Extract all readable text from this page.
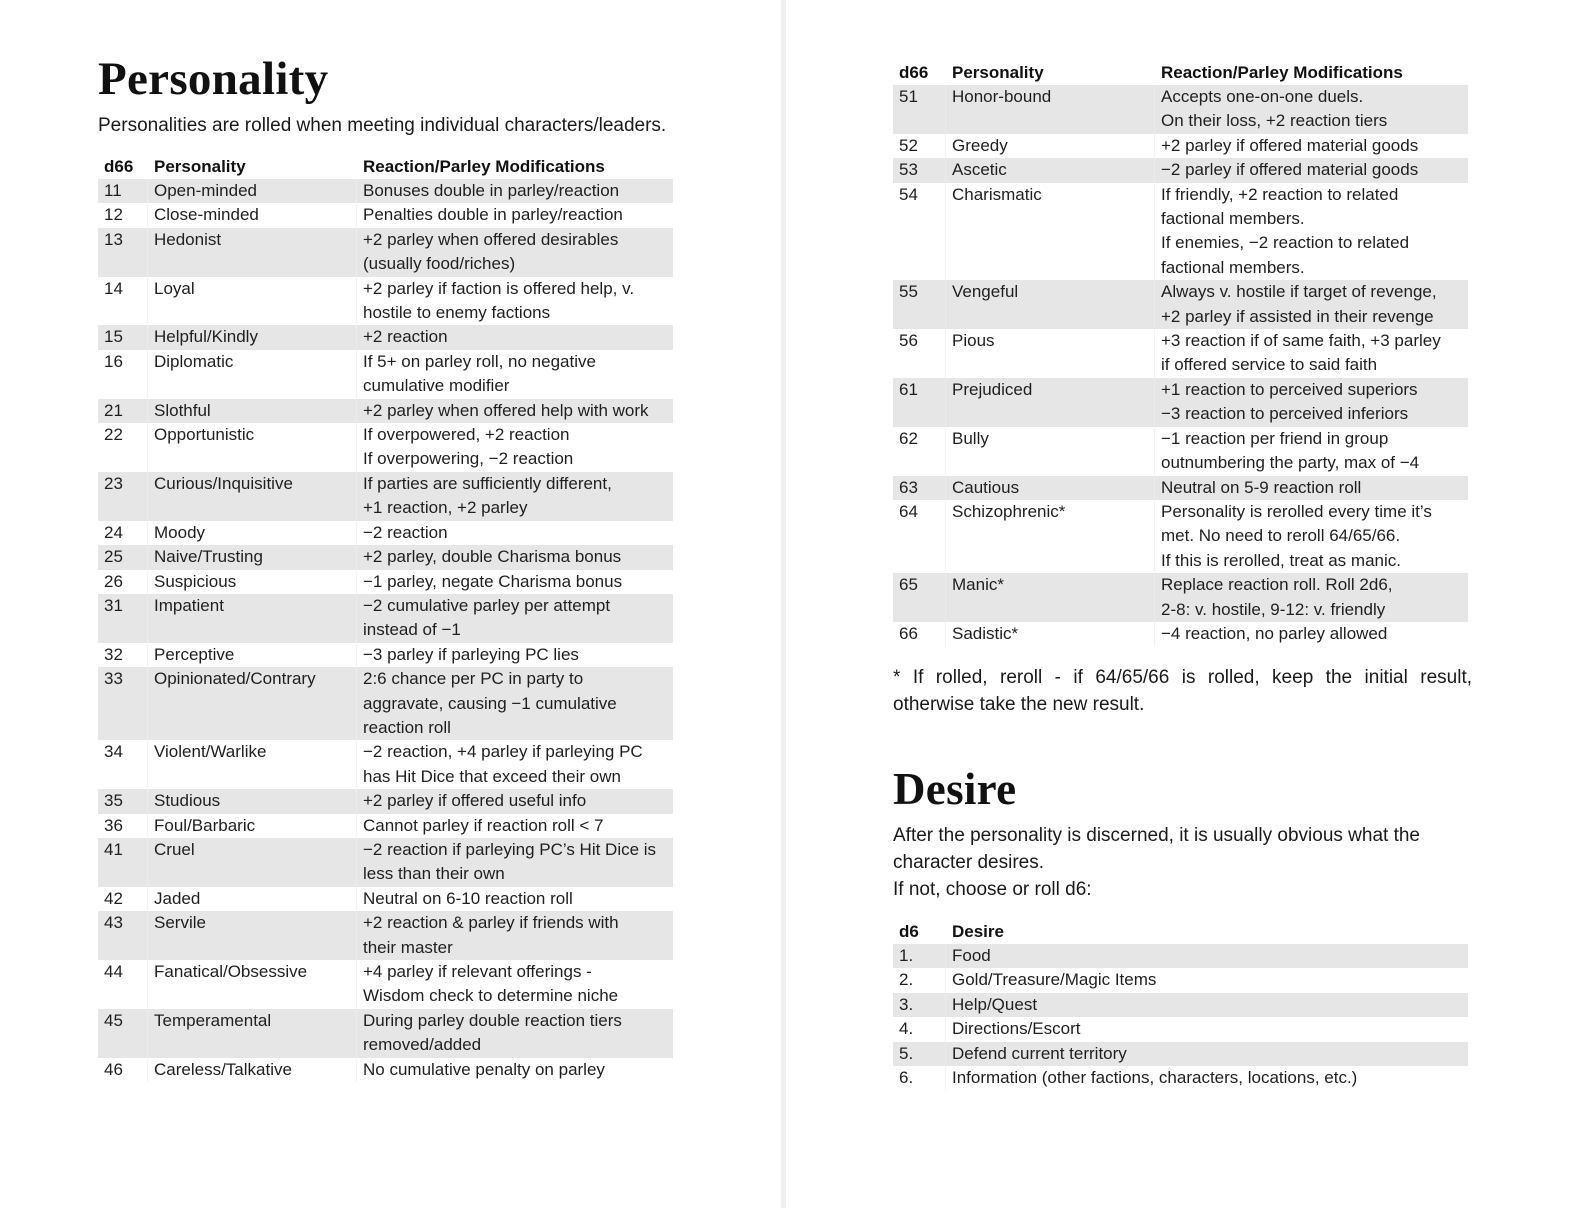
Personality

Personalities are rolled when meeting individual characters/leaders.

d66	Personality	Reaction/Parley Modifications
11	Open-minded	Bonuses double in parley/reaction

12	Close-minded	Penalties double in parley/reaction

13	Hedonist	+2 parley when offered desirables
(usually food/riches)

14	Loyal	+2 parley if faction is offered help, v.
hostile to enemy factions

15	Helpful/Kindly	+2 reaction

16	Diplomatic	If 5+ on parley roll, no negative
cumulative modifier

21	Slothful	+2 parley when offered help with work

22	Opportunistic	If overpowered, +2 reaction
If overpowering, −2 reaction

23	Curious/Inquisitive	If parties are sufficiently different,
+1 reaction, +2 parley

24	Moody	−2 reaction

25	Naive/Trusting	+2 parley, double Charisma bonus

26	Suspicious	−1 parley, negate Charisma bonus

31	Impatient	−2 cumulative parley per attempt
instead of −1

32	Perceptive	−3 parley if parleying PC lies

33	Opinionated/Contrary	2:6 chance per PC in party to
aggravate, causing −1 cumulative
reaction roll

34	Violent/Warlike	−2 reaction, +4 parley if parleying PC
has Hit Dice that exceed their own

35	Studious	+2 parley if offered useful info

36	Foul/Barbaric	Cannot parley if reaction roll < 7

41	Cruel	−2 reaction if parleying PC’s Hit Dice is
less than their own

42	Jaded	Neutral on 6-10 reaction roll

43	Servile	+2 reaction & parley if friends with
their master

44	Fanatical/Obsessive	+4 parley if relevant offerings -
Wisdom check to determine niche

45	Temperamental	During parley double reaction tiers
removed/added

46	Careless/Talkative	No cumulative penalty on parley
d66	Personality	Reaction/Parley Modifications
51	Honor-bound	Accepts one-on-one duels.
On their loss, +2 reaction tiers

52	Greedy	+2 parley if offered material goods

53	Ascetic	−2 parley if offered material goods

54	Charismatic	If friendly, +2 reaction to related
factional members.
If enemies, −2 reaction to related
factional members.

55	Vengeful	Always v. hostile if target of revenge,
+2 parley if assisted in their revenge

56	Pious	+3 reaction if of same faith, +3 parley
if offered service to said faith

61	Prejudiced	+1 reaction to perceived superiors
−3 reaction to perceived inferiors

62	Bully	−1 reaction per friend in group
outnumbering the party, max of −4

63	Cautious	Neutral on 5-9 reaction roll

64	Schizophrenic*	Personality is rerolled every time it’s
met. No need to reroll 64/65/66.
If this is rerolled, treat as manic.

65	Manic*	Replace reaction roll. Roll 2d6,
2-8: v. hostile, 9-12: v. friendly

66	Sadistic*	−4 reaction, no parley allowed

* If rolled, reroll - if 64/65/66 is rolled, keep the initial result, otherwise take the new result.

Desire

After the personality is discerned, it is usually obvious what the
character desires.
If not, choose or roll d6:

d6	Desire
1.	Food
2.	Gold/Treasure/Magic Items
3.	Help/Quest
4.	Directions/Escort
5.	Defend current territory
6.	Information (other factions, characters, locations, etc.)
